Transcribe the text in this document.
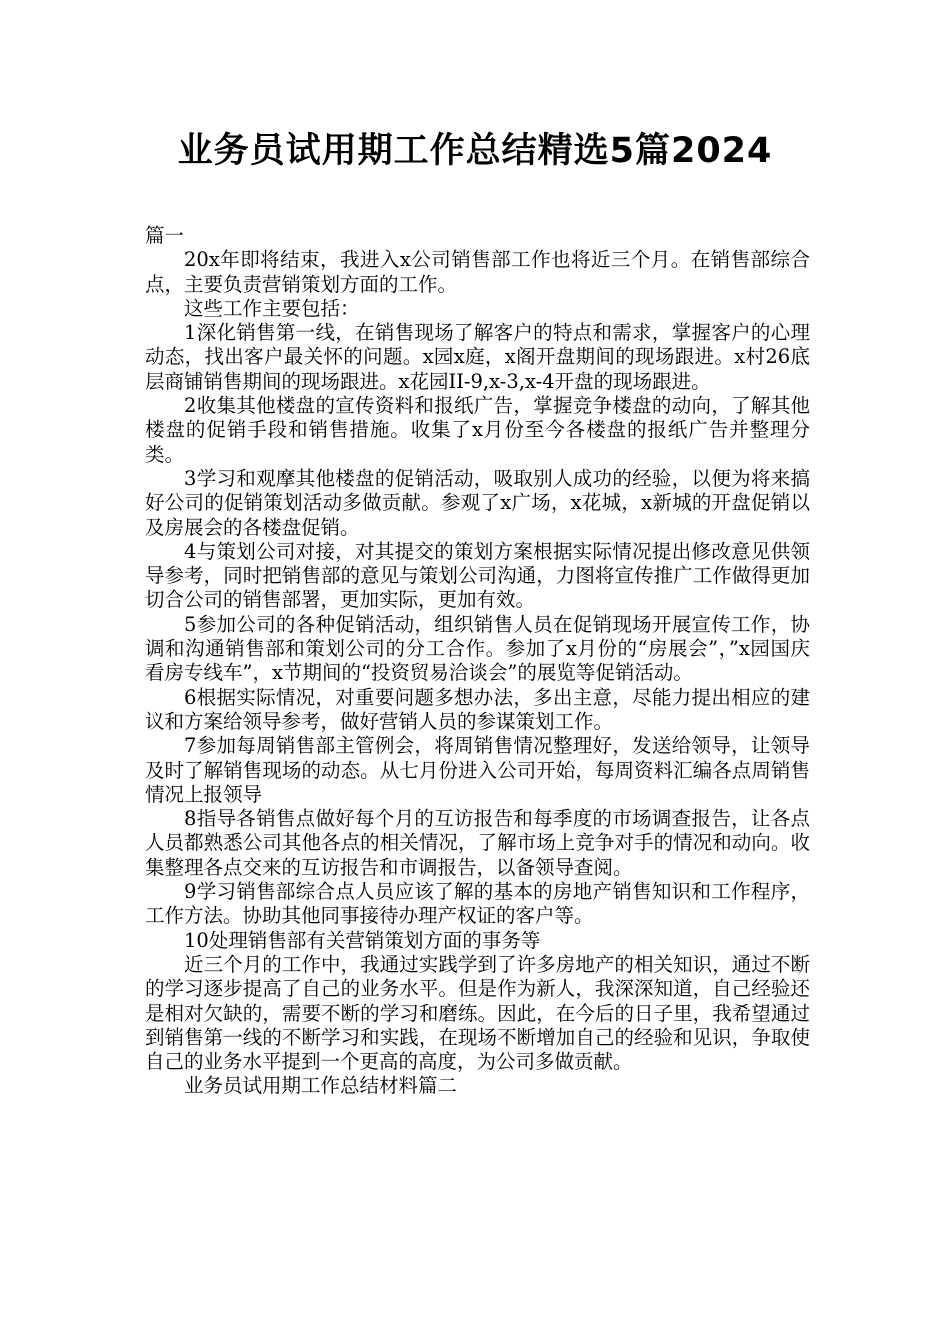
业务员试用期工作总结精选5篇2024

篇一

20x年即将结束，我进入x公司销售部工作也将近三个月。在销售部综合点，主要负责营销策划方面的工作。

这些工作主要包括：

1深化销售第一线，在销售现场了解客户的特点和需求，掌握客户的心理动态，找出客户最关怀的问题。x园x庭，x阁开盘期间的现场跟进。x村26底层商铺销售期间的现场跟进。x花园II-9,x-3,x-4开盘的现场跟进。

2收集其他楼盘的宣传资料和报纸广告，掌握竞争楼盘的动向，了解其他楼盘的促销手段和销售措施。收集了x月份至今各楼盘的报纸广告并整理分类。

3学习和观摩其他楼盘的促销活动，吸取别人成功的经验，以便为将来搞好公司的促销策划活动多做贡献。参观了x广场，x花城，x新城的开盘促销以及房展会的各楼盘促销。

4与策划公司对接，对其提交的策划方案根据实际情况提出修改意见供领导参考，同时把销售部的意见与策划公司沟通，力图将宣传推广工作做得更加切合公司的销售部署，更加实际，更加有效。

5参加公司的各种促销活动，组织销售人员在促销现场开展宣传工作，协调和沟通销售部和策划公司的分工合作。参加了x月份的“房展会”，”x园国庆看房专线车”，x节期间的“投资贸易洽谈会”的展览等促销活动。

6根据实际情况，对重要问题多想办法，多出主意，尽能力提出相应的建议和方案给领导参考，做好营销人员的参谋策划工作。

7参加每周销售部主管例会，将周销售情况整理好，发送给领导，让领导及时了解销售现场的动态。从七月份进入公司开始，每周资料汇编各点周销售情况上报领导

8指导各销售点做好每个月的互访报告和每季度的市场调查报告，让各点人员都熟悉公司其他各点的相关情况，了解市场上竞争对手的情况和动向。收集整理各点交来的互访报告和市调报告，以备领导查阅。

9学习销售部综合点人员应该了解的基本的房地产销售知识和工作程序，工作方法。协助其他同事接待办理产权证的客户等。

10处理销售部有关营销策划方面的事务等

近三个月的工作中，我通过实践学到了许多房地产的相关知识，通过不断的学习逐步提高了自己的业务水平。但是作为新人，我深深知道，自己经验还是相对欠缺的，需要不断的学习和磨练。因此，在今后的日子里，我希望通过到销售第一线的不断学习和实践，在现场不断增加自己的经验和见识，争取使自己的业务水平提到一个更高的高度，为公司多做贡献。

业务员试用期工作总结材料篇二
